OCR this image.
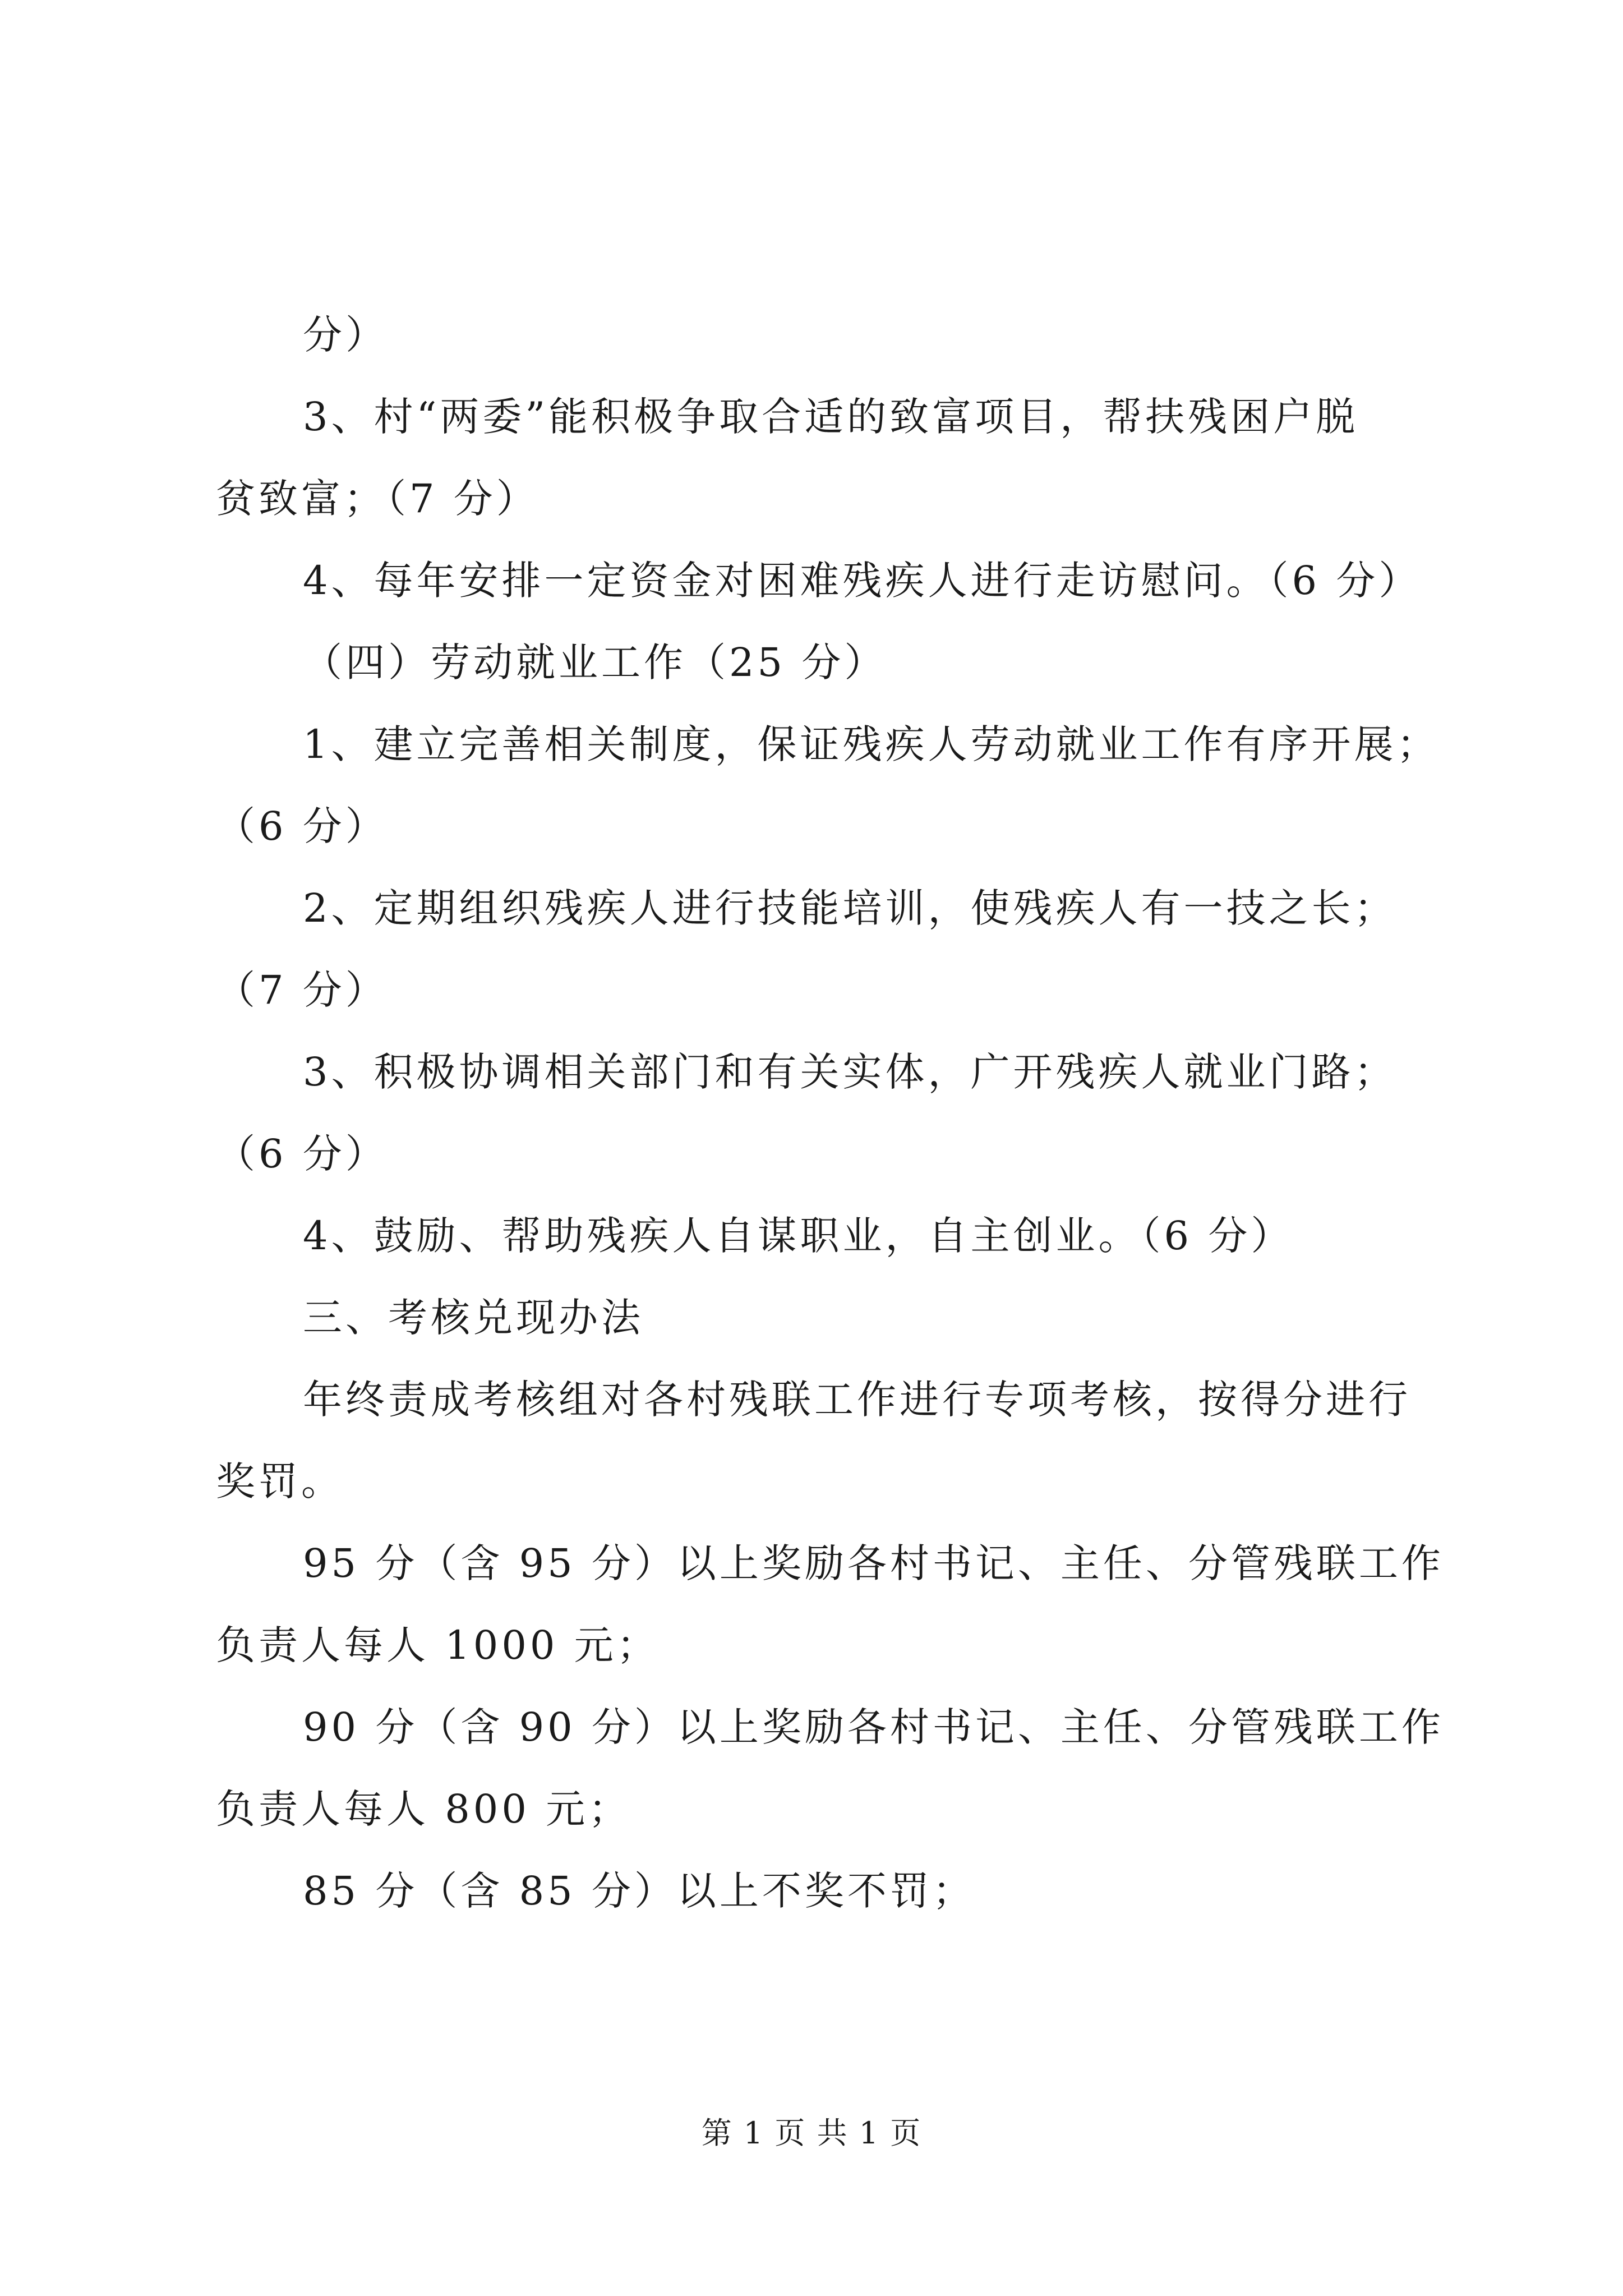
分）
3、村“两委”能积极争取合适的致富项目，帮扶残困户脱
贫致富；（7 分）
4、每年安排一定资金对困难残疾人进行走访慰问。（6 分）
（四）劳动就业工作（25 分）
1、建立完善相关制度，保证残疾人劳动就业工作有序开展；
（6 分）
2、定期组织残疾人进行技能培训，使残疾人有一技之长；
（7 分）
3、积极协调相关部门和有关实体，广开残疾人就业门路；
（6 分）
4、鼓励、帮助残疾人自谋职业，自主创业。（6 分）
三、考核兑现办法
年终责成考核组对各村残联工作进行专项考核，按得分进行
奖罚。
95 分（含 95 分）以上奖励各村书记、主任、分管残联工作
负责人每人 1000 元；
90 分（含 90 分）以上奖励各村书记、主任、分管残联工作
负责人每人 800 元；
85 分（含 85 分）以上不奖不罚；
第 1 页 共 1 页
